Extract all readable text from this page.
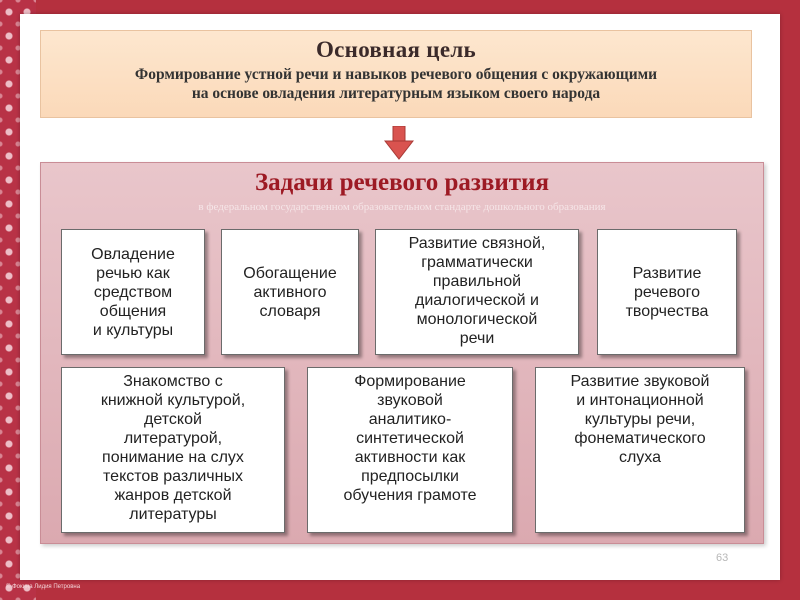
Основная цель
Формирование устной речи и навыков речевого общения с окружающими
на основе овладения литературным языком своего народа
Задачи речевого развития
в федеральном государственном образовательном стандарте дошкольного образования
Овладение
речью как
средством
общения
и культуры
Обогащение
активного
словаря
Развитие связной,
грамматически
правильной
диалогической и
монологической
речи
Развитие
речевого
творчества
Знакомство с
книжной культурой,
детской
литературой,
понимание на слух
текстов различных
жанров детской
литературы
Формирование
звуковой
аналитико-
синтетической
активности как
предпосылки
обучения грамоте
Развитие звуковой
и интонационной
культуры речи,
фонематического
слуха
63
© Фокина Лидия Петровна
